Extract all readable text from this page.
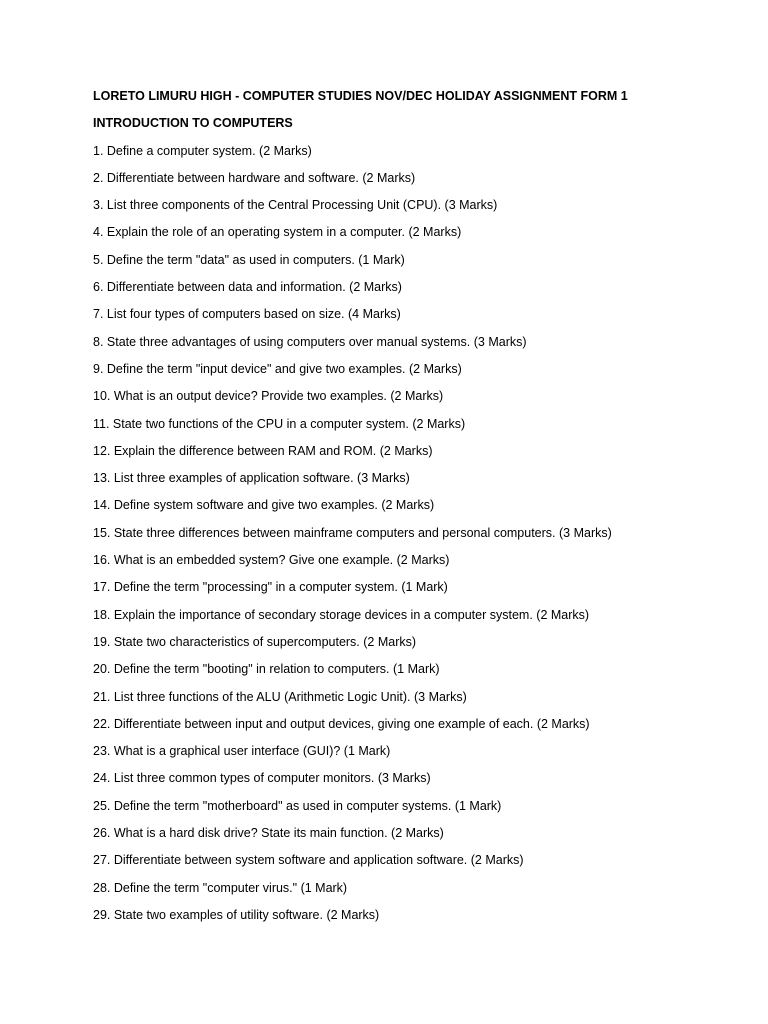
LORETO LIMURU HIGH - COMPUTER STUDIES NOV/DEC HOLIDAY ASSIGNMENT FORM 1
INTRODUCTION TO COMPUTERS
1. Define a computer system. (2 Marks)
2. Differentiate between hardware and software. (2 Marks)
3. List three components of the Central Processing Unit (CPU). (3 Marks)
4. Explain the role of an operating system in a computer. (2 Marks)
5. Define the term "data" as used in computers. (1 Mark)
6. Differentiate between data and information. (2 Marks)
7. List four types of computers based on size. (4 Marks)
8. State three advantages of using computers over manual systems. (3 Marks)
9. Define the term "input device" and give two examples. (2 Marks)
10. What is an output device? Provide two examples. (2 Marks)
11. State two functions of the CPU in a computer system. (2 Marks)
12. Explain the difference between RAM and ROM. (2 Marks)
13. List three examples of application software. (3 Marks)
14. Define system software and give two examples. (2 Marks)
15. State three differences between mainframe computers and personal computers. (3 Marks)
16. What is an embedded system? Give one example. (2 Marks)
17. Define the term "processing" in a computer system. (1 Mark)
18. Explain the importance of secondary storage devices in a computer system. (2 Marks)
19. State two characteristics of supercomputers. (2 Marks)
20. Define the term "booting" in relation to computers. (1 Mark)
21. List three functions of the ALU (Arithmetic Logic Unit). (3 Marks)
22. Differentiate between input and output devices, giving one example of each. (2 Marks)
23. What is a graphical user interface (GUI)? (1 Mark)
24. List three common types of computer monitors. (3 Marks)
25. Define the term "motherboard" as used in computer systems. (1 Mark)
26. What is a hard disk drive? State its main function. (2 Marks)
27. Differentiate between system software and application software. (2 Marks)
28. Define the term "computer virus." (1 Mark)
29. State two examples of utility software. (2 Marks)
